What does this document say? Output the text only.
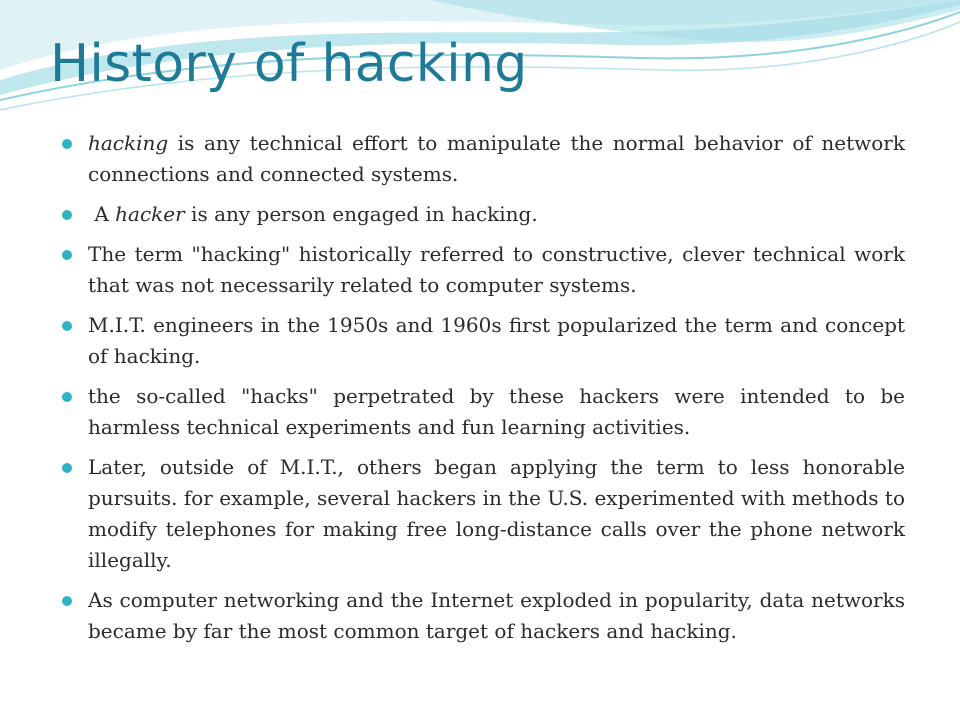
History of hacking
hacking is any technical effort to manipulate the normal behavior of network connections and connected systems.
A hacker is any person engaged in hacking.
The term "hacking" historically referred to constructive, clever technical work that was not necessarily related to computer systems.
M.I.T. engineers in the 1950s and 1960s first popularized the term and concept of hacking.
the so-called "hacks" perpetrated by these hackers were intended to be harmless technical experiments and fun learning activities.
Later, outside of M.I.T., others began applying the term to less honorable pursuits. for example, several hackers in the U.S. experimented with methods to modify telephones for making free long-distance calls over the phone network illegally.
As computer networking and the Internet exploded in popularity, data networks became by far the most common target of hackers and hacking.
